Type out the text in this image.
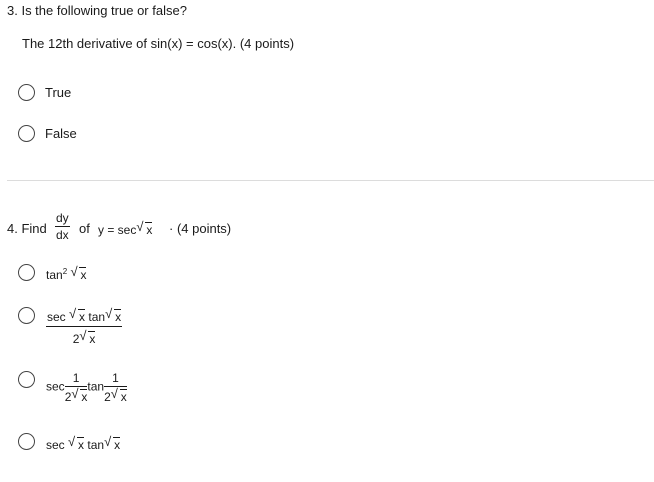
3. Is the following true or false?
The 12th derivative of sin(x) = cos(x). (4 points)
True
False
4. Find $\frac{dy}{dx}$ of y = sec √ x · (4 points)
$\tan^2$ √ x
$\frac{\text{sec √ x tan √ x}}{2 √ x}$
$\sec \frac{1}{2 √ x}$ $\tan \frac{1}{2 √ x}$
sec √ x tan √ x
